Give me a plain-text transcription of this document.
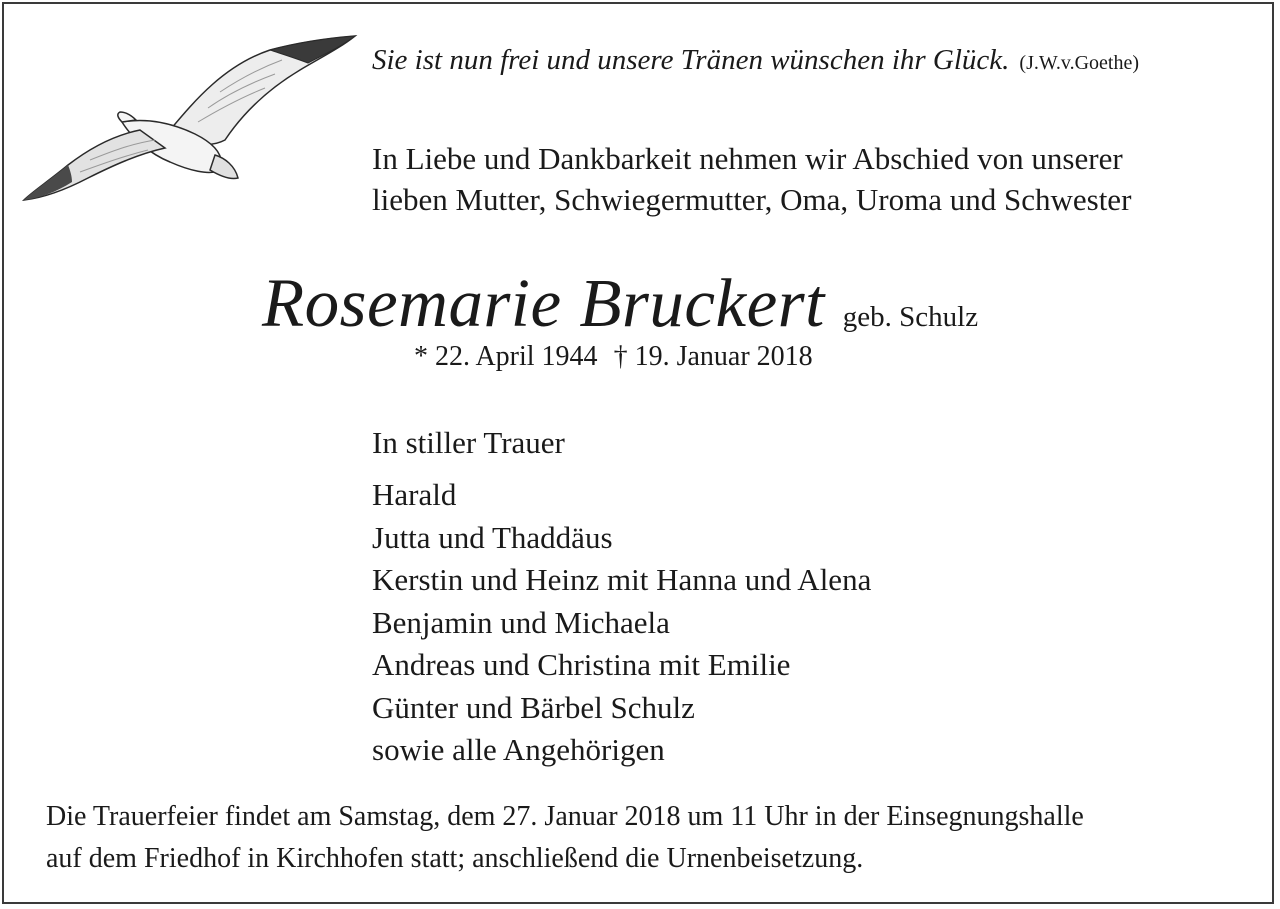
Sie ist nun frei und unsere Tränen wünschen ihr Glück. (J.W.v.Goethe)
In Liebe und Dankbarkeit nehmen wir Abschied von unserer
lieben Mutter, Schwiegermutter, Oma, Uroma und Schwester
Rosemarie Bruckert geb. Schulz
* 22. April 1944 † 19. Januar 2018
In stiller Trauer
Harald
Jutta und Thaddäus
Kerstin und Heinz mit Hanna und Alena
Benjamin und Michaela
Andreas und Christina mit Emilie
Günter und Bärbel Schulz
sowie alle Angehörigen
Die Trauerfeier findet am Samstag, dem 27. Januar 2018 um 11 Uhr in der Einsegnungshalle
auf dem Friedhof in Kirchhofen statt; anschließend die Urnenbeisetzung.
